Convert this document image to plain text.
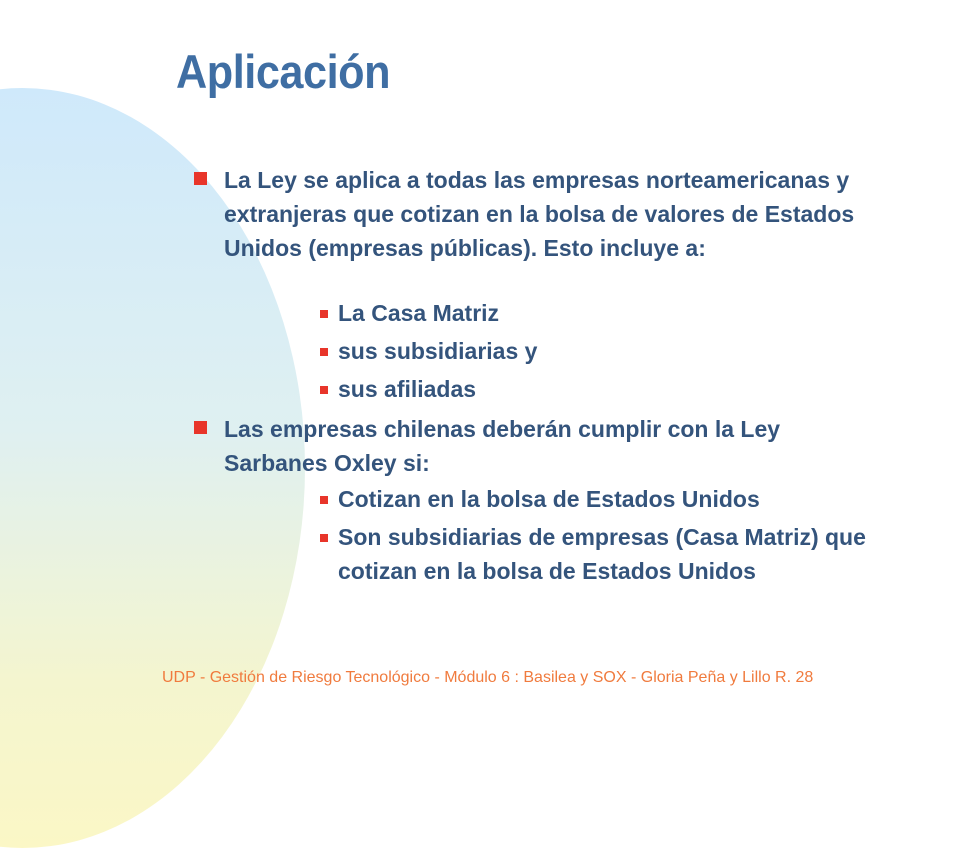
Aplicación
La Ley se aplica a todas las empresas norteamericanas y extranjeras que cotizan en la bolsa de valores de Estados Unidos (empresas públicas). Esto incluye a:
La Casa Matriz
sus subsidiarias y
sus afiliadas
Las empresas chilenas deberán cumplir con la Ley Sarbanes Oxley si:
Cotizan en la bolsa de Estados Unidos
Son subsidiarias de empresas (Casa Matriz) que cotizan en la bolsa de Estados Unidos
UDP - Gestión de Riesgo Tecnológico - Módulo 6 : Basilea y SOX - Gloria Peña y Lillo R. 28
